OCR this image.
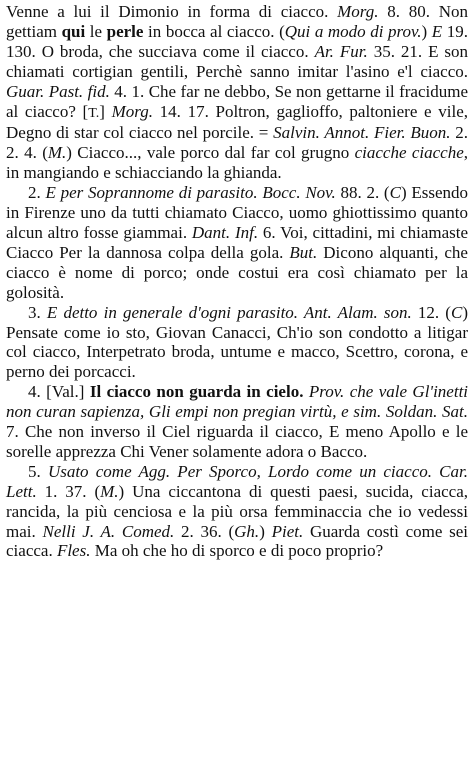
Venne a lui il Dimonio in forma di ciacco. Morg. 8. 80. Non gettiam qui le perle in bocca al ciacco. (Qui a modo di prov.) E 19. 130. O broda, che succiava come il ciacco. Ar. Fur. 35. 21. E son chiamati cortigian gentili, Perchè sanno imitar l'asino e'l ciacco. Guar. Past. fid. 4. 1. Che far ne debbo, Se non gettarne il fracidume al ciacco? [T.] Morg. 14. 17. Poltron, gaglioffo, paltoniere e vile, Degno di star col ciacco nel porcile. = Salvin. Annot. Fier. Buon. 2. 2. 4. (M.) Ciacco..., vale porco dal far col grugno ciacche ciacche, in mangiando e schiacciando la ghianda.

2. E per Soprannome di parasito. Bocc. Nov. 88. 2. (C) Essendo in Firenze uno da tutti chiamato Ciacco, uomo ghiottissimo quanto alcun altro fosse giammai. Dant. Inf. 6. Voi, cittadini, mi chiamaste Ciacco Per la dannosa colpa della gola. But. Dicono alquanti, che ciacco è nome di porco; onde costui era così chiamato per la golosità.

3. E detto in generale d'ogni parasito. Ant. Alam. son. 12. (C) Pensate come io sto, Giovan Canacci, Ch'io son condotto a litigar col ciacco, Interpetrato broda, untume e macco, Scettro, corona, e perno dei porcacci.

4. [Val.] Il ciacco non guarda in cielo. Prov. che vale Gl'inetti non curan sapienza, Gli empi non pregian virtù, e sim. Soldan. Sat. 7. Che non inverso il Ciel riguarda il ciacco, E meno Apollo e le sorelle apprezza Chi Vener solamente adora o Bacco.

5. Usato come Agg. Per Sporco, Lordo come un ciacco. Car. Lett. 1. 37. (M.) Una ciccantona di questi paesi, sucida, ciacca, rancida, la più cenciosa e la più orsa femminaccia che io vedessi mai. Nelli J. A. Comed. 2. 36. (Gh.) Piet. Guarda costì come sei ciacca. Fles. Ma oh che ho di sporco e di poco proprio?
